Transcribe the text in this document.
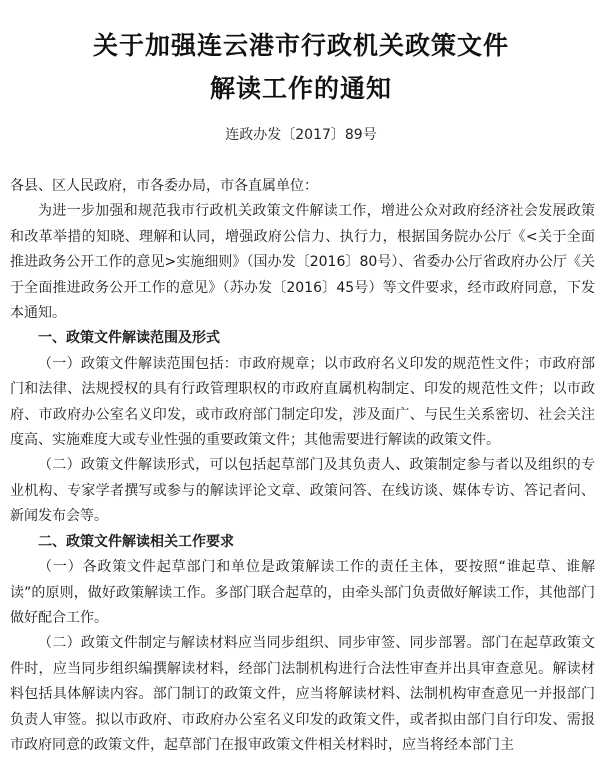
关于加强连云港市行政机关政策文件
解读工作的通知
连政办发〔2017〕89号

各县、区人民政府，市各委办局，市各直属单位：

为进一步加强和规范我市行政机关政策文件解读工作，增进公众对政府经济社会发展政策和改革举措的知晓、理解和认同，增强政府公信力、执行力，根据国务院办公厅《<关于全面推进政务公开工作的意见>实施细则》（国办发〔2016〕80号）、省委办公厅省政府办公厅《关于全面推进政务公开工作的意见》（苏办发〔2016〕45号）等文件要求，经市政府同意，下发本通知。

一、政策文件解读范围及形式

（一）政策文件解读范围包括：市政府规章；以市政府名义印发的规范性文件；市政府部门和法律、法规授权的具有行政管理职权的市政府直属机构制定、印发的规范性文件；以市政府、市政府办公室名义印发，或市政府部门制定印发，涉及面广、与民生关系密切、社会关注度高、实施难度大或专业性强的重要政策文件；其他需要进行解读的政策文件。

（二）政策文件解读形式，可以包括起草部门及其负责人、政策制定参与者以及组织的专业机构、专家学者撰写或参与的解读评论文章、政策问答、在线访谈、媒体专访、答记者问、新闻发布会等。

二、政策文件解读相关工作要求

（一）各政策文件起草部门和单位是政策解读工作的责任主体，要按照“谁起草、谁解读”的原则，做好政策解读工作。多部门联合起草的，由牵头部门负责做好解读工作，其他部门做好配合工作。

（二）政策文件制定与解读材料应当同步组织、同步审签、同步部署。部门在起草政策文件时，应当同步组织编撰解读材料，经部门法制机构进行合法性审查并出具审查意见。解读材料包括具体解读内容。部门制订的政策文件，应当将解读材料、法制机构审查意见一并报部门负责人审签。拟以市政府、市政府办公室名义印发的政策文件，或者拟由部门自行印发、需报市政府同意的政策文件，起草部门在报审政策文件相关材料时，应当将经本部门主
